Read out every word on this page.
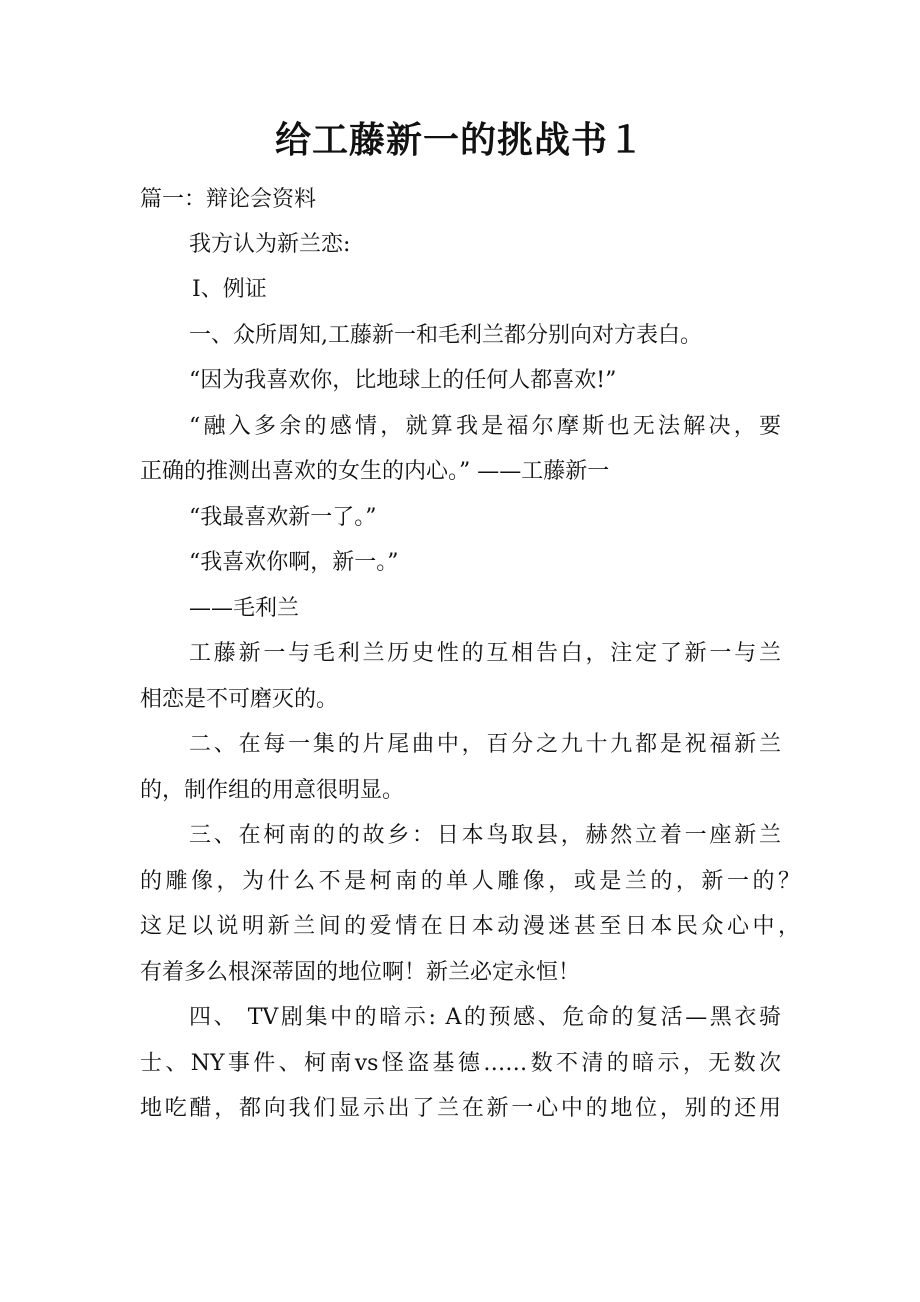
给工藤新一的挑战书１
篇一：辩论会资料
我方认为新兰恋:
Ⅰ、例证
一、众所周知,工藤新一和毛利兰都分别向对方表白。
“因为我喜欢你，比地球上的任何人都喜欢!”
“融入多余的感情，就算我是福尔摩斯也无法解决，要
正确的推测出喜欢的女生的内心。” ——工藤新一
“我最喜欢新一了。”
“我喜欢你啊，新一。”
——毛利兰
工藤新一与毛利兰历史性的互相告白，注定了新一与兰
相恋是不可磨灭的。
二、在每一集的片尾曲中，百分之九十九都是祝福新兰
的，制作组的用意很明显。
三、在柯南的的故乡：日本鸟取县，赫然立着一座新兰
的雕像，为什么不是柯南的单人雕像，或是兰的，新一的？
这足以说明新兰间的爱情在日本动漫迷甚至日本民众心中，
有着多么根深蒂固的地位啊！新兰必定永恒！
四、 TV剧集中的暗示: A的预感、危命的复活—黑衣骑
士、NY事件、柯南vs怪盗基德……数不清的暗示，无数次
地吃醋，都向我们显示出了兰在新一心中的地位，别的还用
